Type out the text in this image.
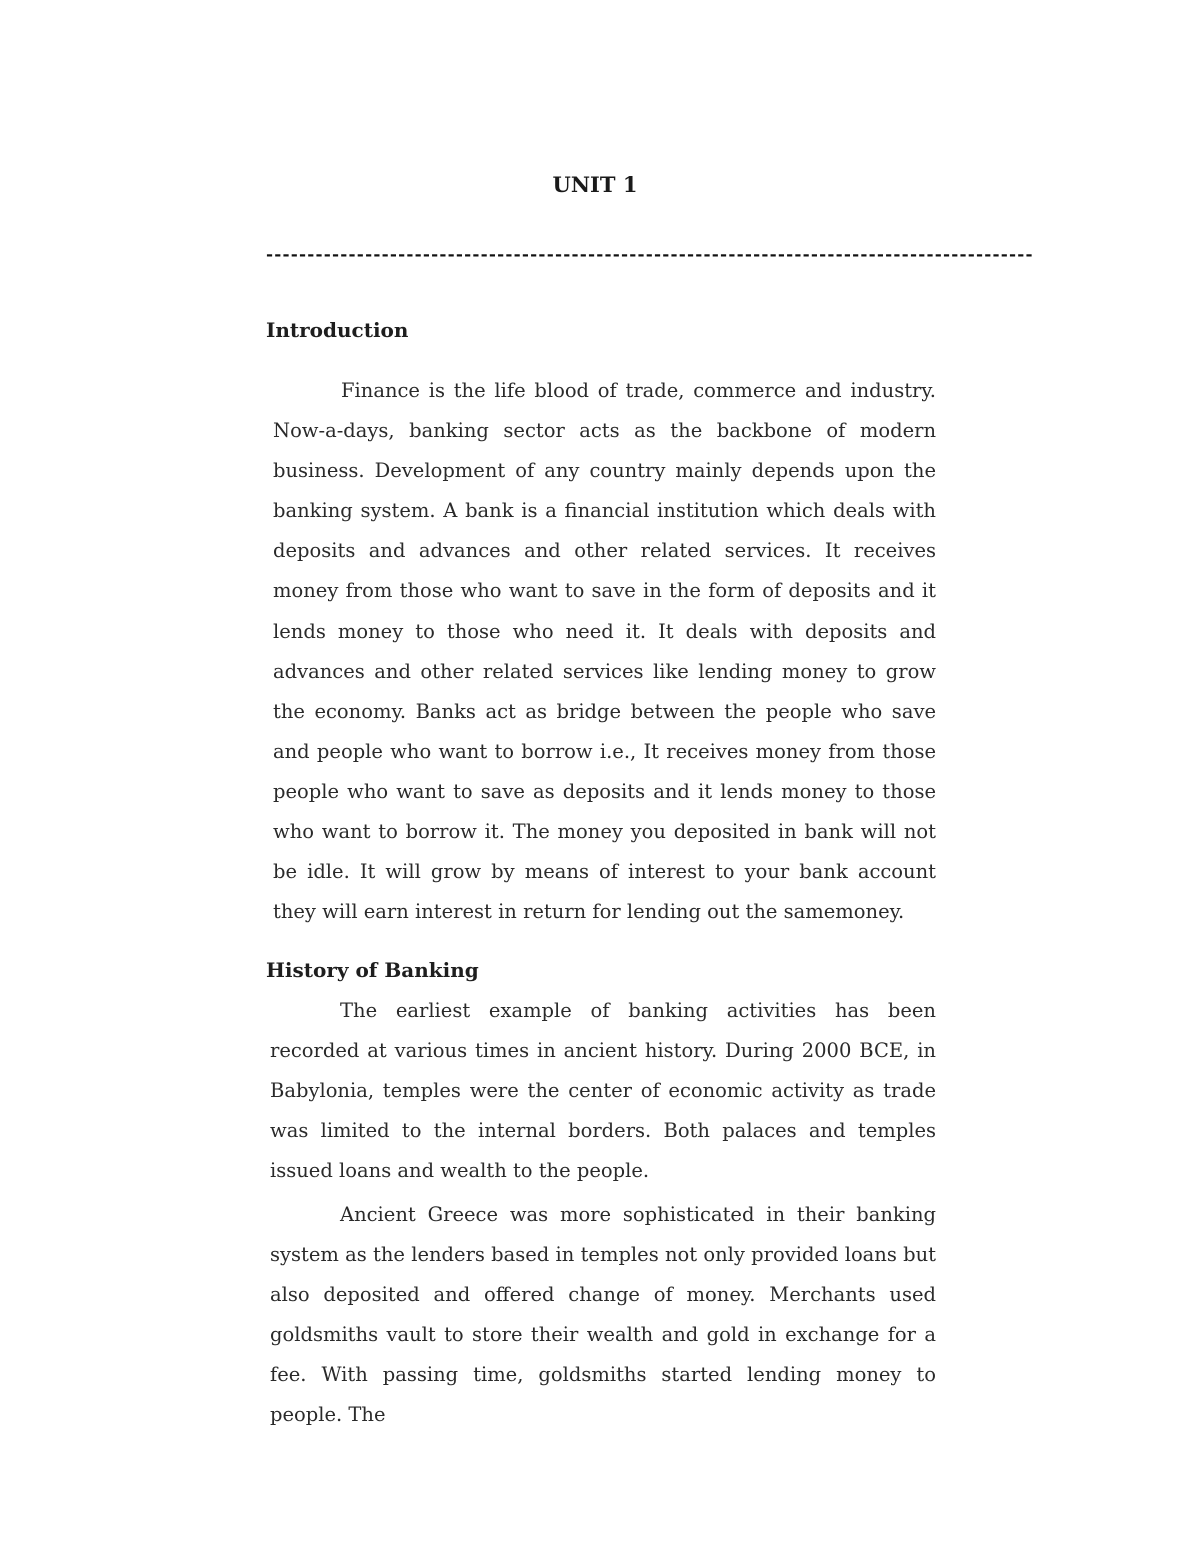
UNIT 1
---------------------------------------------------------------------------------------------
Introduction
Finance is the life blood of trade, commerce and industry. Now-a-days, banking sector acts as the backbone of modern business. Development of any country mainly depends upon the banking system. A bank is a financial institution which deals with deposits and advances and other related services. It receives money from those who want to save in the form of deposits and it lends money to those who need it. It deals with deposits and advances and other related services like lending money to grow the economy. Banks act as bridge between the people who save and people who want to borrow i.e., It receives money from those people who want to save as deposits and it lends money to those who want to borrow it. The money you deposited in bank will not be idle. It will grow by means of interest to your bank account they will earn interest in return for lending out the samemoney.
History of Banking
The earliest example of banking activities has been recorded at various times in ancient history. During 2000 BCE, in Babylonia, temples were the center of economic activity as trade was limited to the internal borders. Both palaces and temples issued loans and wealth to the people.
Ancient Greece was more sophisticated in their banking system as the lenders based in temples not only provided loans but also deposited and offered change of money. Merchants used goldsmiths vault to store their wealth and gold in exchange for a fee. With passing time, goldsmiths started lending money to people. The
